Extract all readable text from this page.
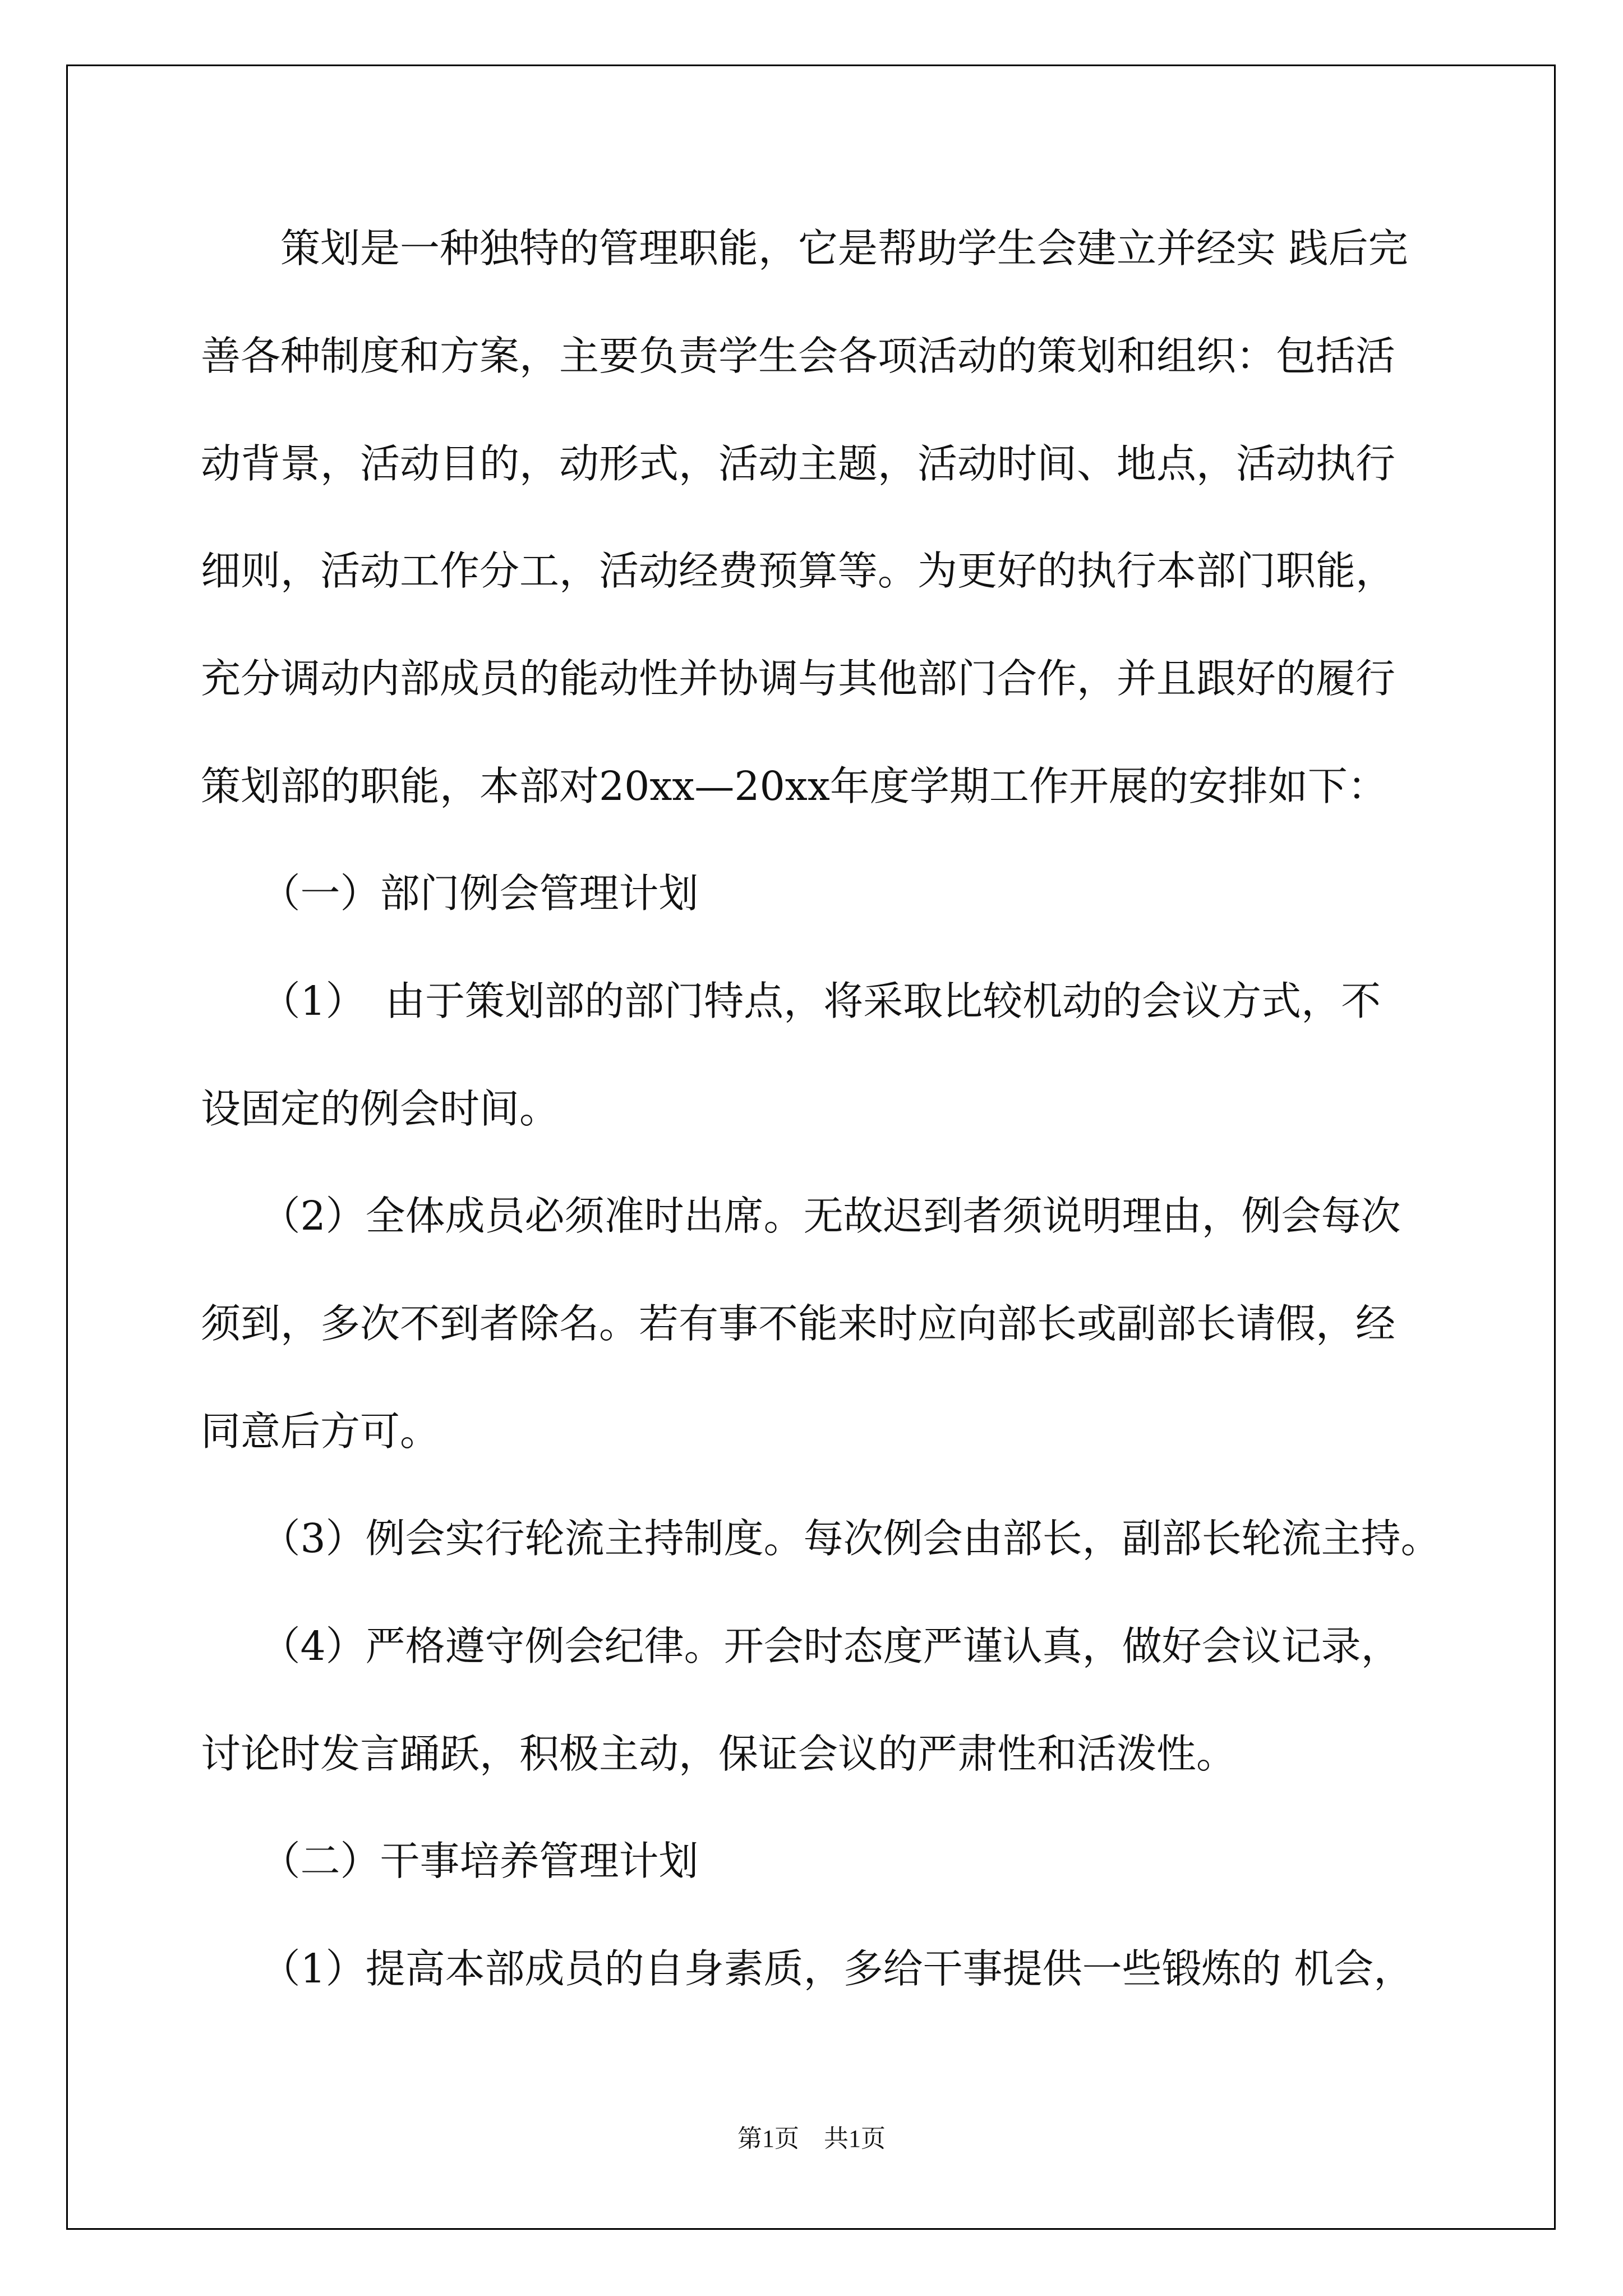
　　策划是一种独特的管理职能，它是帮助学生会建立并经实 践后完
善各种制度和方案，主要负责学生会各项活动的策划和组织：包括活
动背景，活动目的，动形式，活动主题，活动时间、地点，活动执行
细则，活动工作分工，活动经费预算等。为更好的执行本部门职能，
充分调动内部成员的能动性并协调与其他部门合作，并且跟好的履行
策划部的职能，本部对20xx—20xx年度学期工作开展的安排如下：
　　（一）部门例会管理计划
　　（1）　由于策划部的部门特点，将采取比较机动的会议方式，不
设固定的例会时间。
　　（2）全体成员必须准时出席。无故迟到者须说明理由，例会每次
须到，多次不到者除名。若有事不能来时应向部长或副部长请假，经
同意后方可。
　　（3）例会实行轮流主持制度。每次例会由部长，副部长轮流主持。
　　（4）严格遵守例会纪律。开会时态度严谨认真，做好会议记录，
讨论时发言踊跃，积极主动，保证会议的严肃性和活泼性。
　　（二）干事培养管理计划
　　（1）提高本部成员的自身素质，多给干事提供一些锻炼的 机会，
第1页　共1页
